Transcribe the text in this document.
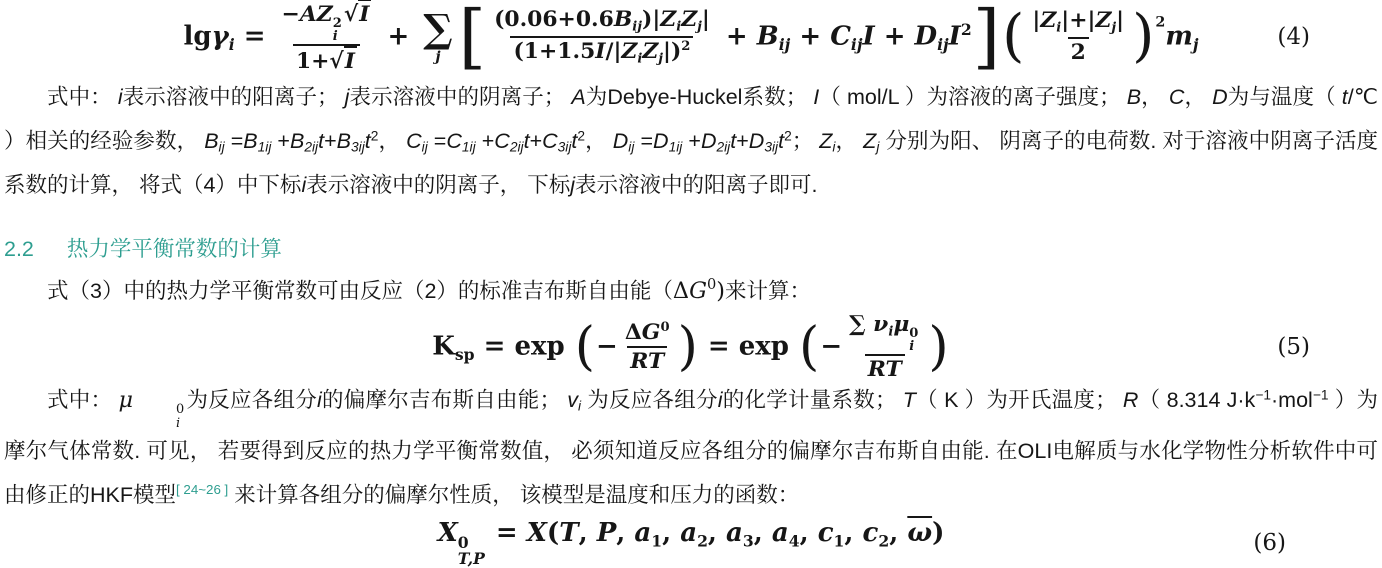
lgγ$_i$ = −AZ 2
i
√ I
1+ √ I + ∑
j [ $\frac{(0.06+0.6B_{ij})|Z_iZ_j|}{(1+1.5I/|Z_iZ_j|)^2} + B_{ij} + C_{ij}I + D_{ij}I^2]( \frac{|Z_i|+|Z_j|}{2} )^2m_j$	(4)

式中： i表示溶液中的阳离子； j表示溶液中的阴离子； A为Debye-Huckel系数； I（ mol/L ）为溶液的离子强度； B， C， D为与温度（ t/℃ ）相关的经验参数， Bij =B1ij +B2ijt+B3ijt$^2$， Cij =C1ij +C2ijt+C3ijt$^2$， Dij =D1ij +D2ijt+D3ijt$^2$； Zi， Zj 分别为阳、 阴离子的电荷数. 对于溶液中阴离子活度系数的计算， 将式（4）中下标i表示溶液中的阴离子， 下标j表示溶液中的阳离子即可.

2.2 热力学平衡常数的计算

式（3）中的热力学平衡常数可由反应（2）的标准吉布斯自由能$(\Delta G^0)$来计算：

$K_{sp} = \exp$ (− $\frac{\Delta G^0}{RT}$ ) = exp (− ∑ $\nu_i\mu$ 0
i
RT )	(5)

式中： μ	0
i
为反应各组分i的偏摩尔吉布斯自由能； vi 为反应各组分i的化学计量系数； T（ K ）为开氏温度； R（ 8.314 $J\cdot k^{-1}\cdot mol^{-1}$ ）为摩尔气体常数. 可见， 若要得到反应的热力学平衡常数值， 必须知道反应各组分的偏摩尔吉布斯自由能. 在OLI电解质与水化学物性分析软件中可由修正的HKF模型[ 24~26 ] 来计算各组分的偏摩尔性质， 该模型是温度和压力的函数：

X 0
T,P
= X(T, P, $a_1$, $a_2$, $a_3$, $a_4$, $c_1$, $c_2$, $\overline{\omega}$)	(6)
